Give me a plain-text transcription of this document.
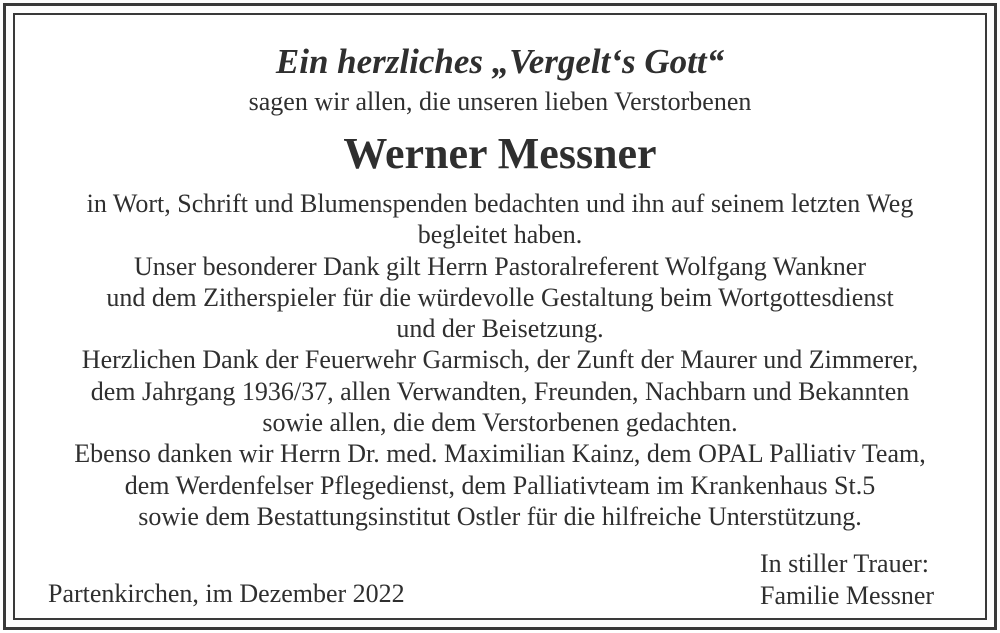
Ein herzliches „Vergelt‘s Gott“
sagen wir allen, die unseren lieben Verstorbenen
Werner Messner
in Wort, Schrift und Blumenspenden bedachten und ihn auf seinem letzten Weg
begleitet haben.
Unser besonderer Dank gilt Herrn Pastoralreferent Wolfgang Wankner
und dem Zitherspieler für die würdevolle Gestaltung beim Wortgottesdienst
und der Beisetzung.
Herzlichen Dank der Feuerwehr Garmisch, der Zunft der Maurer und Zimmerer,
dem Jahrgang 1936/37, allen Verwandten, Freunden, Nachbarn und Bekannten
sowie allen, die dem Verstorbenen gedachten.
Ebenso danken wir Herrn Dr. med. Maximilian Kainz, dem OPAL Palliativ Team,
dem Werdenfelser Pflegedienst, dem Palliativteam im Krankenhaus St.5
sowie dem Bestattungsinstitut Ostler für die hilfreiche Unterstützung.
Partenkirchen, im Dezember 2022
In stiller Trauer:
Familie Messner
